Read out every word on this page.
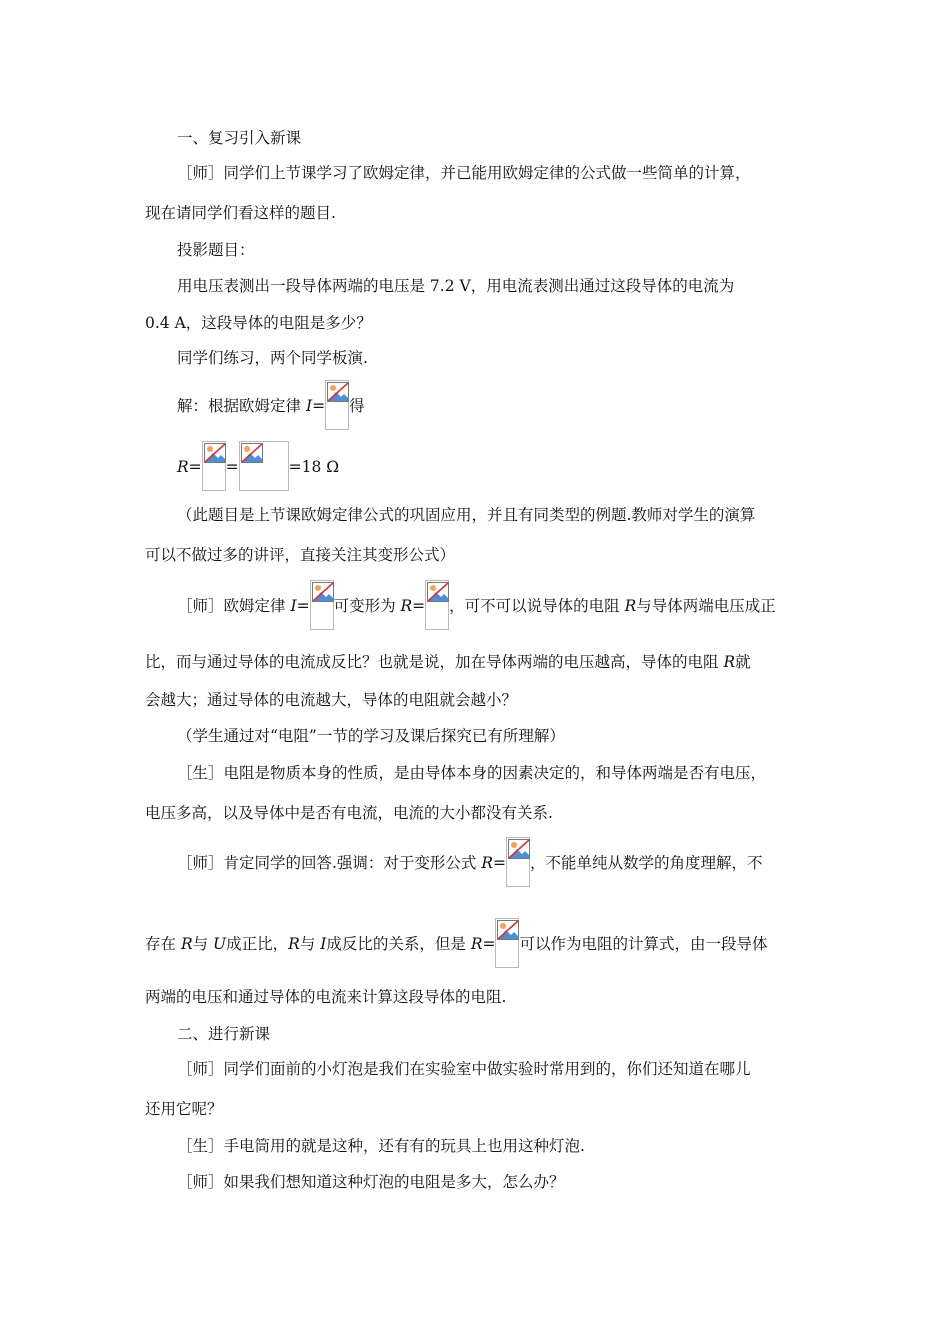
一、复习引入新课
［师］同学们上节课学习了欧姆定律，并已能用欧姆定律的公式做一些简单的计算，
现在请同学们看这样的题目.
投影题目：
用电压表测出一段导体两端的电压是 7.2 V，用电流表测出通过这段导体的电流为
0.4 A，这段导体的电阻是多少？
同学们练习，两个同学板演.
解：根据欧姆定律 I= 得
R= =	=18 Ω
（此题目是上节课欧姆定律公式的巩固应用，并且有同类型的例题.教师对学生的演算
可以不做过多的讲评，直接关注其变形公式）
［师］欧姆定律 I= 可变形为 R= ，可不可以说导体的电阻 R与导体两端电压成正
比，而与通过导体的电流成反比？也就是说，加在导体两端的电压越高，导体的电阻 R就
会越大；通过导体的电流越大，导体的电阻就会越小？
（学生通过对“电阻”一节的学习及课后探究已有所理解）
［生］电阻是物质本身的性质，是由导体本身的因素决定的，和导体两端是否有电压，
电压多高，以及导体中是否有电流，电流的大小都没有关系.
［师］肯定同学的回答.强调：对于变形公式 R= ，不能单纯从数学的角度理解，不
存在 R与 U成正比，R与 I成反比的关系，但是 R= 可以作为电阻的计算式，由一段导体
两端的电压和通过导体的电流来计算这段导体的电阻.
二、进行新课
［师］同学们面前的小灯泡是我们在实验室中做实验时常用到的，你们还知道在哪儿
还用它呢？
［生］手电筒用的就是这种，还有有的玩具上也用这种灯泡.
［师］如果我们想知道这种灯泡的电阻是多大，怎么办？
